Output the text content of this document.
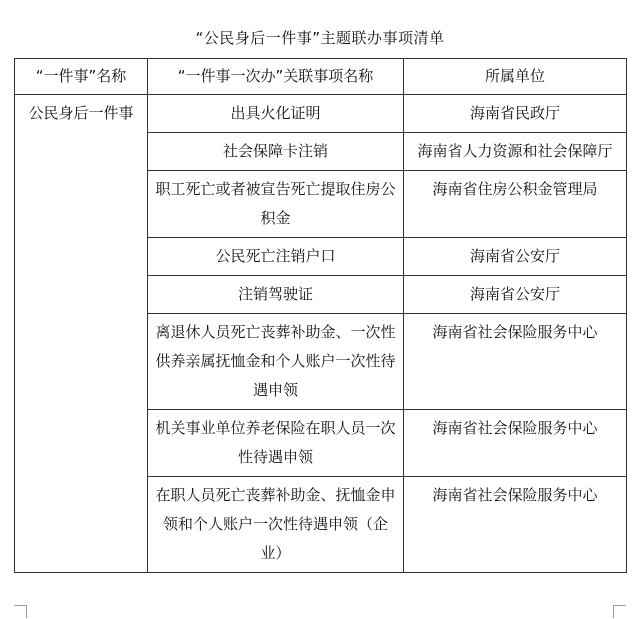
“公民身后一件事”主题联办事项清单
“一件事”名称	“一件事一次办”关联事项名称	所属单位
公民身后一件事	出具火化证明	海南省民政厅
	社会保障卡注销	海南省人力资源和社会保障厅
	职工死亡或者被宣告死亡提取住房公积金	海南省住房公积金管理局
	公民死亡注销户口	海南省公安厅
	注销驾驶证	海南省公安厅
	离退休人员死亡丧葬补助金、一次性供养亲属抚恤金和个人账户一次性待遇申领	海南省社会保险服务中心
	机关事业单位养老保险在职人员一次性待遇申领	海南省社会保险服务中心
	在职人员死亡丧葬补助金、抚恤金申领和个人账户一次性待遇申领（企业）	海南省社会保险服务中心
